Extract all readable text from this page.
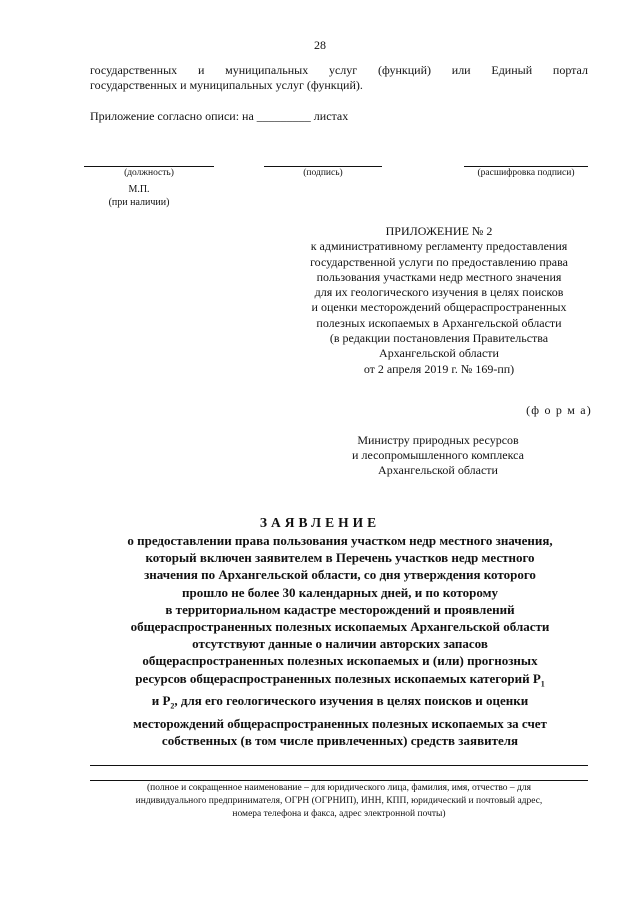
28
государственных и муниципальных услуг (функций) или Единый портал
государственных и муниципальных услуг (функций).
Приложение согласно описи: на _________ листах
(должность)	(подпись)	(расшифровка подписи)
М.П.
(при наличии)
ПРИЛОЖЕНИЕ № 2
к административному регламенту предоставления
государственной услуги по предоставлению права
пользования участками недр местного значения
для их геологического изучения в целях поисков
и оценки месторождений общераспространенных
полезных ископаемых в Архангельской области
(в редакции постановления Правительства
Архангельской области
от 2 апреля 2019 г. № 169-пп)
(ф о р м а)
Министру природных ресурсов
и лесопромышленного комплекса
Архангельской области
ЗАЯВЛЕНИЕ
о предоставлении права пользования участком недр местного значения,
который включен заявителем в Перечень участков недр местного
значения по Архангельской области, со дня утверждения которого
прошло не более 30 календарных дней, и по которому
в территориальном кадастре месторождений и проявлений
общераспространенных полезных ископаемых Архангельской области
отсутствуют данные о наличии авторских запасов
общераспространенных полезных ископаемых и (или) прогнозных
ресурсов общераспространенных полезных ископаемых категорий $Р_1$
и $Р_2$, для его геологического изучения в целях поисков и оценки
месторождений общераспространенных полезных ископаемых за счет
собственных (в том числе привлеченных) средств заявителя
(полное и сокращенное наименование – для юридического лица, фамилия, имя, отчество – для
индивидуального предпринимателя, ОГРН (ОГРНИП), ИНН, КПП, юридический и почтовый адрес,
номера телефона и факса, адрес электронной почты)
